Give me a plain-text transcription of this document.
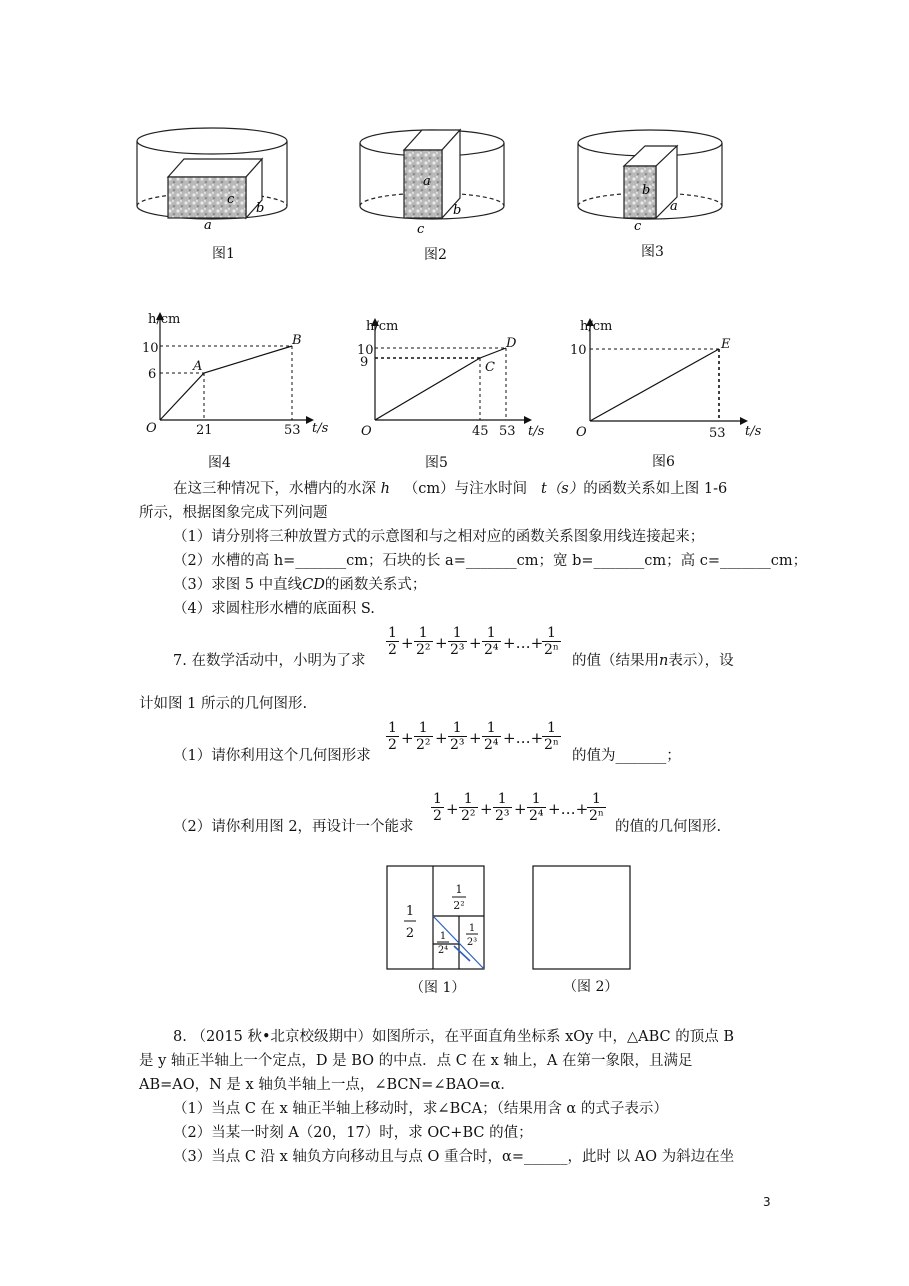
c
b
a
a
b
c
b
a
c
图1	图2	图3
h/cm
10
6
A
B
O	21	53 t/s
h/cm
10
9	C
D
O	45 53 t/s
h/cm
10	E
O	53 t/s
图4	图5	图6
在这三种情况下，水槽内的水深 h （cm）与注水时间 t（s）的函数关系如上图 1-6
所示，根据图象完成下列问题
（1）请分别将三种放置方式的示意图和与之相对应的函数关系图象用线连接起来；
（2）水槽的高 h=_______cm；石块的长 a=_______cm；宽 b=_______cm；高 c=_______cm；
（3）求图 5 中直线CD的函数关系式；
（4）求圆柱形水槽的底面积 S.
7. 在数学活动中，小明为了求
$\frac{1}{2} + \frac{1}{\text{2²}} + \frac{1}{\text{2³}} + \frac{1}{\text{2⁴}}$ +…+
$\frac{1}{\text{2ⁿ}}$
的值（结果用n表示），设
计如图 1 所示的几何图形.
（1）请你利用这个几何图形求
$\frac{1}{2} + \frac{1}{\text{2²}} + \frac{1}{\text{2³}} + \frac{1}{\text{2⁴}}$ +…+
$\frac{1}{\text{2ⁿ}}$
的值为_______；
（2）请你利用图 2，再设计一个能求
$\frac{1}{2} + \frac{1}{\text{2²}} + \frac{1}{\text{2³}} + \frac{1}{\text{2⁴}}$ +…+
$\frac{1}{\text{2ⁿ}}$
的值的几何图形.
1
2
1
2²
1
2³
1
2⁴
（图 1）	（图 2）
8. （2015 秋•北京校级期中）如图所示，在平面直角坐标系 xOy 中，△ABC 的顶点 B
是 y 轴正半轴上一个定点，D 是 BO 的中点．点 C 在 x 轴上，A 在第一象限，且满足
AB=AO，N 是 x 轴负半轴上一点，∠BCN=∠BAO=α．
（1）当点 C 在 x 轴正半轴上移动时，求∠BCA；（结果用含 α 的式子表示）
（2）当某一时刻 A（20，17）时，求 OC+BC 的值；
（3）当点 C 沿 x 轴负方向移动且与点 O 重合时，α=______，此时 以 AO 为斜边在坐
3
